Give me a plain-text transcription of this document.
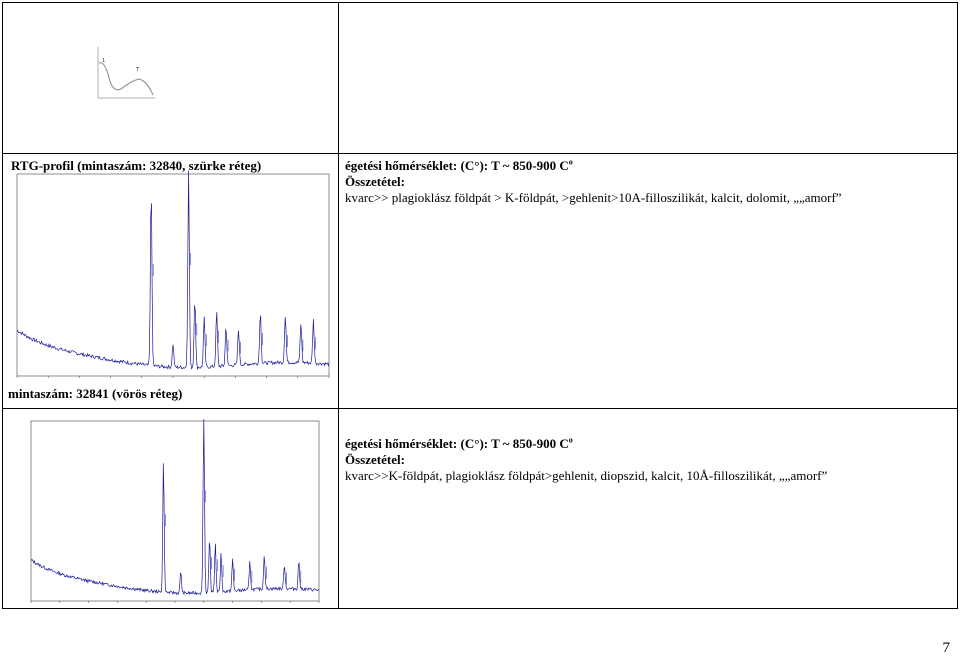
1
T
RTG-profil (mintaszám: 32840, szürke réteg)	égetési hőmérséklet: (C°): T ~ 850-900 $C^o$
Összetétel:
kvarc>> plagioklász földpát > K-földpát, >gehlenit>10A-filloszilikát, kalcit, dolomit, „„amorf”
mintaszám: 32841 (vörös réteg)
égetési hőmérséklet: (C°): T ~ 850-900 $C^o$
Összetétel:
kvarc>>K-földpát, plagioklász földpát>gehlenit, diopszid, kalcit, 10Å-filloszilikát, „„amorf”
7
